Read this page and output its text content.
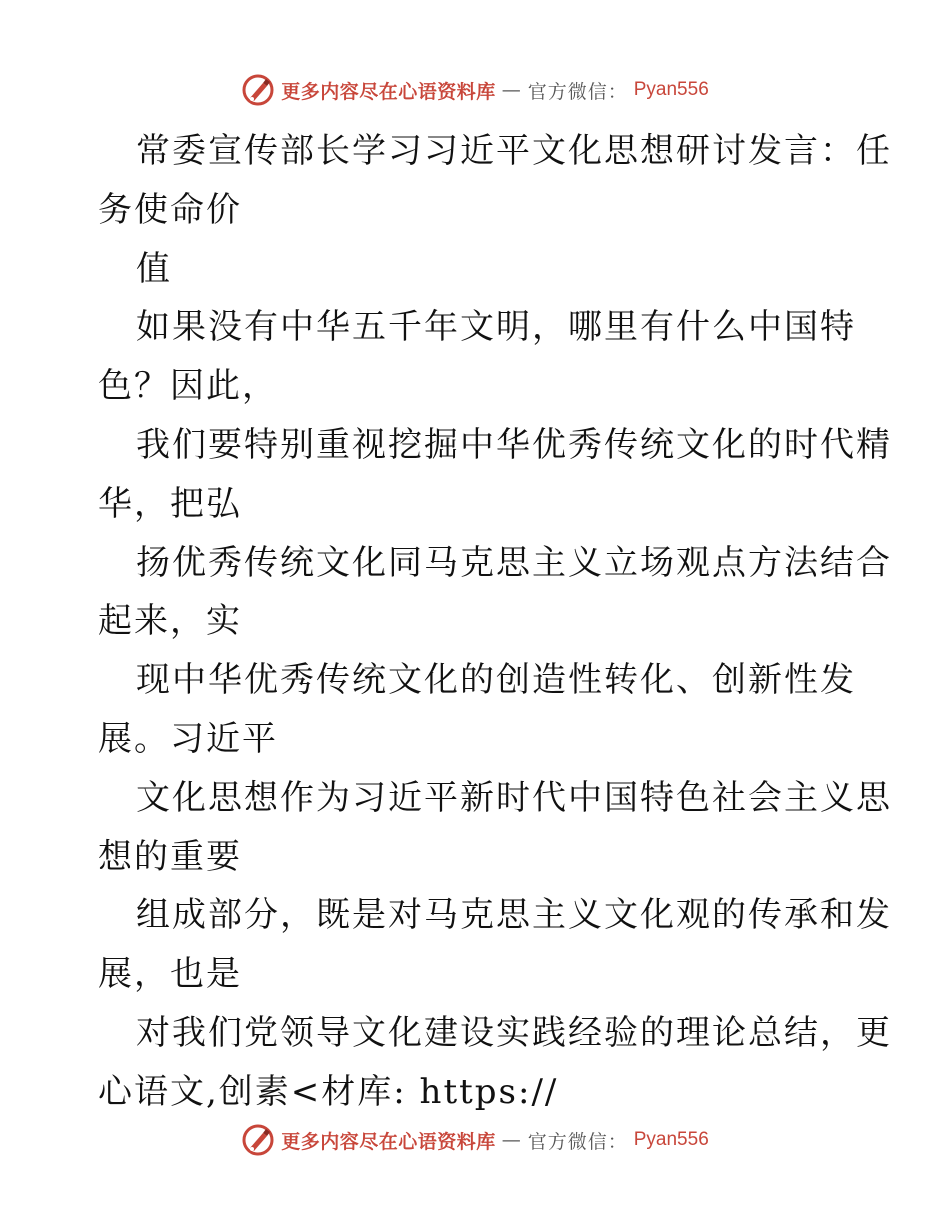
更多内容尽在心语资料库 — 官方微信： Pyan556
常委宣传部长学习习近平文化思想研讨发言：任
务使命价
值
如果没有中华五千年文明，哪里有什么中国特
色？因此，
我们要特别重视挖掘中华优秀传统文化的时代精
华，把弘
扬优秀传统文化同马克思主义立场观点方法结合
起来，实
现中华优秀传统文化的创造性转化、创新性发
展。习近平
文化思想作为习近平新时代中国特色社会主义思
想的重要
组成部分，既是对马克思主义文化观的传承和发
展，也是
对我们党领导文化建设实践经验的理论总结，更
心语文,创素<材库: https://
更多内容尽在心语资料库 — 官方微信： Pyan556
